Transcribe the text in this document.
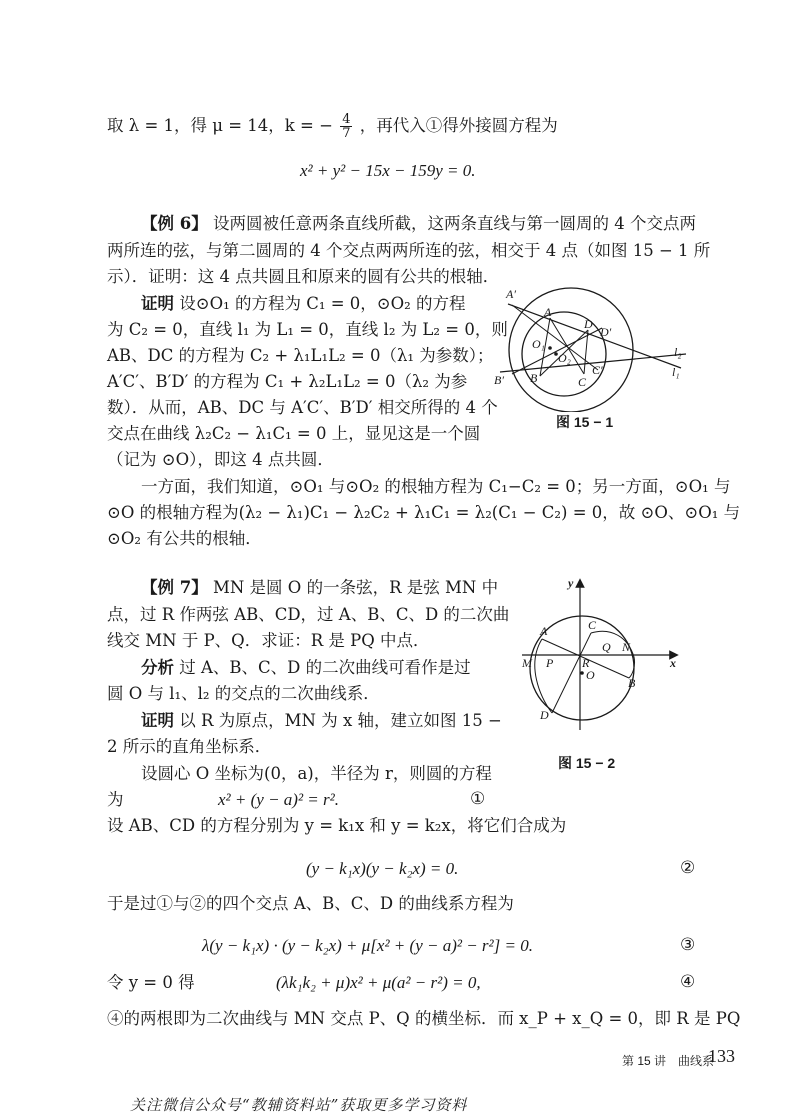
取 λ = 1，得 μ = 14，k = − $\frac{4}{7}$ ，再代入①得外接圆方程为
x² + y² − 15x − 159y = 0.
【例 6】 设两圆被任意两条直线所截，这两条直线与第一圆周的 4 个交点两
两所连的弦，与第二圆周的 4 个交点两两所连的弦，相交于 4 点（如图 15 − 1 所
示）．证明：这 4 点共圆且和原来的圆有公共的根轴．
证明 设⊙O₁ 的方程为 C₁ = 0，⊙O₂ 的方程
为 C₂ = 0，直线 l₁ 为 L₁ = 0，直线 l₂ 为 L₂ = 0，则
AB、DC 的方程为 C₂ + λ₁L₁L₂ = 0（λ₁ 为参数）；
A′C′、B′D′ 的方程为 C₁ + λ₂L₁L₂ = 0（λ₂ 为参
数）．从而，AB、DC 与 A′C′、B′D′ 相交所得的 4 个
交点在曲线 λ₂C₂ − λ₁C₁ = 0 上，显见这是一个圆
（记为 ⊙O），即这 4 点共圆．
一方面，我们知道，⊙O₁ 与⊙O₂ 的根轴方程为 C₁−C₂ = 0；另一方面，⊙O₁ 与
⊙O 的根轴方程为(λ₂ − λ₁)C₁ − λ₂C₂ + λ₁C₁ = λ₂(C₁ − C₂) = 0，故 ⊙O、⊙O₁ 与
⊙O₂ 有公共的根轴．
A′
A
D
D′
O₁
O₂
B′ B	C
C′
l₂
l₁
图 15 − 1
【例 7】 MN 是圆 O 的一条弦，R 是弦 MN 中
点，过 R 作两弦 AB、CD，过 A、B、C、D 的二次曲
线交 MN 于 P、Q．求证：R 是 PQ 中点．
分析 过 A、B、C、D 的二次曲线可看作是过
圆 O 与 l₁、l₂ 的交点的二次曲线系．
证明 以 R 为原点，MN 为 x 轴，建立如图 15 −
2 所示的直角坐标系．
设圆心 O 坐标为(0，a)，半径为 r，则圆的方程
为	x² + (y − a)² = r².	①
设 AB、CD 的方程分别为 y = k₁x 和 y = k₂x，将它们合成为
(y − k₁x)(y − k₂x) = 0.	②
于是过①与②的四个交点 A、B、C、D 的曲线系方程为
λ(y − k₁x) · (y − k₂x) + μ[x² + (y − a)² − r²] = 0.	③
令 y = 0 得	(λk₁k₂ + μ)x² + μ(a² − r²) = 0,	④
④的两根即为二次曲线与 MN 交点 P、Q 的横坐标．而 x_P + x_Q = 0，即 R 是 PQ
y
x
C
A
Q N
M P R
O
B
D
图 15 − 2
第 15 讲　曲线系
133
关注微信公众号“教辅资料站”获取更多学习资料
